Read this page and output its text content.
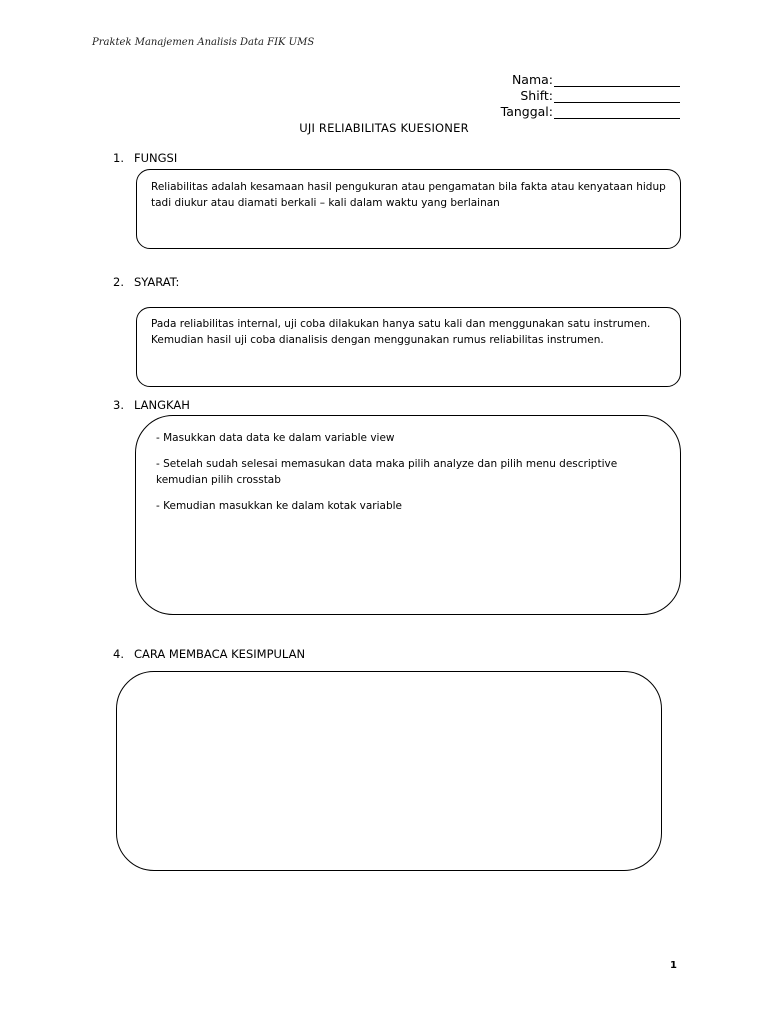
Praktek Manajemen Analisis Data FIK UMS
Nama:
Shift:
Tanggal:
UJI RELIABILITAS KUESIONER
1. FUNGSI

Reliabilitas adalah kesamaan hasil pengukuran atau pengamatan bila fakta atau kenyataan hidup tadi diukur atau diamati berkali – kali dalam waktu yang berlainan

2. SYARAT:

Pada reliabilitas internal, uji coba dilakukan hanya satu kali dan menggunakan satu instrumen. Kemudian hasil uji coba dianalisis dengan menggunakan rumus reliabilitas instrumen.

3. LANGKAH

- Masukkan data data ke dalam variable view

- Setelah sudah selesai memasukan data maka pilih analyze dan pilih menu descriptive kemudian pilih crosstab

- Kemudian masukkan ke dalam kotak variable

4. CARA MEMBACA KESIMPULAN
1
